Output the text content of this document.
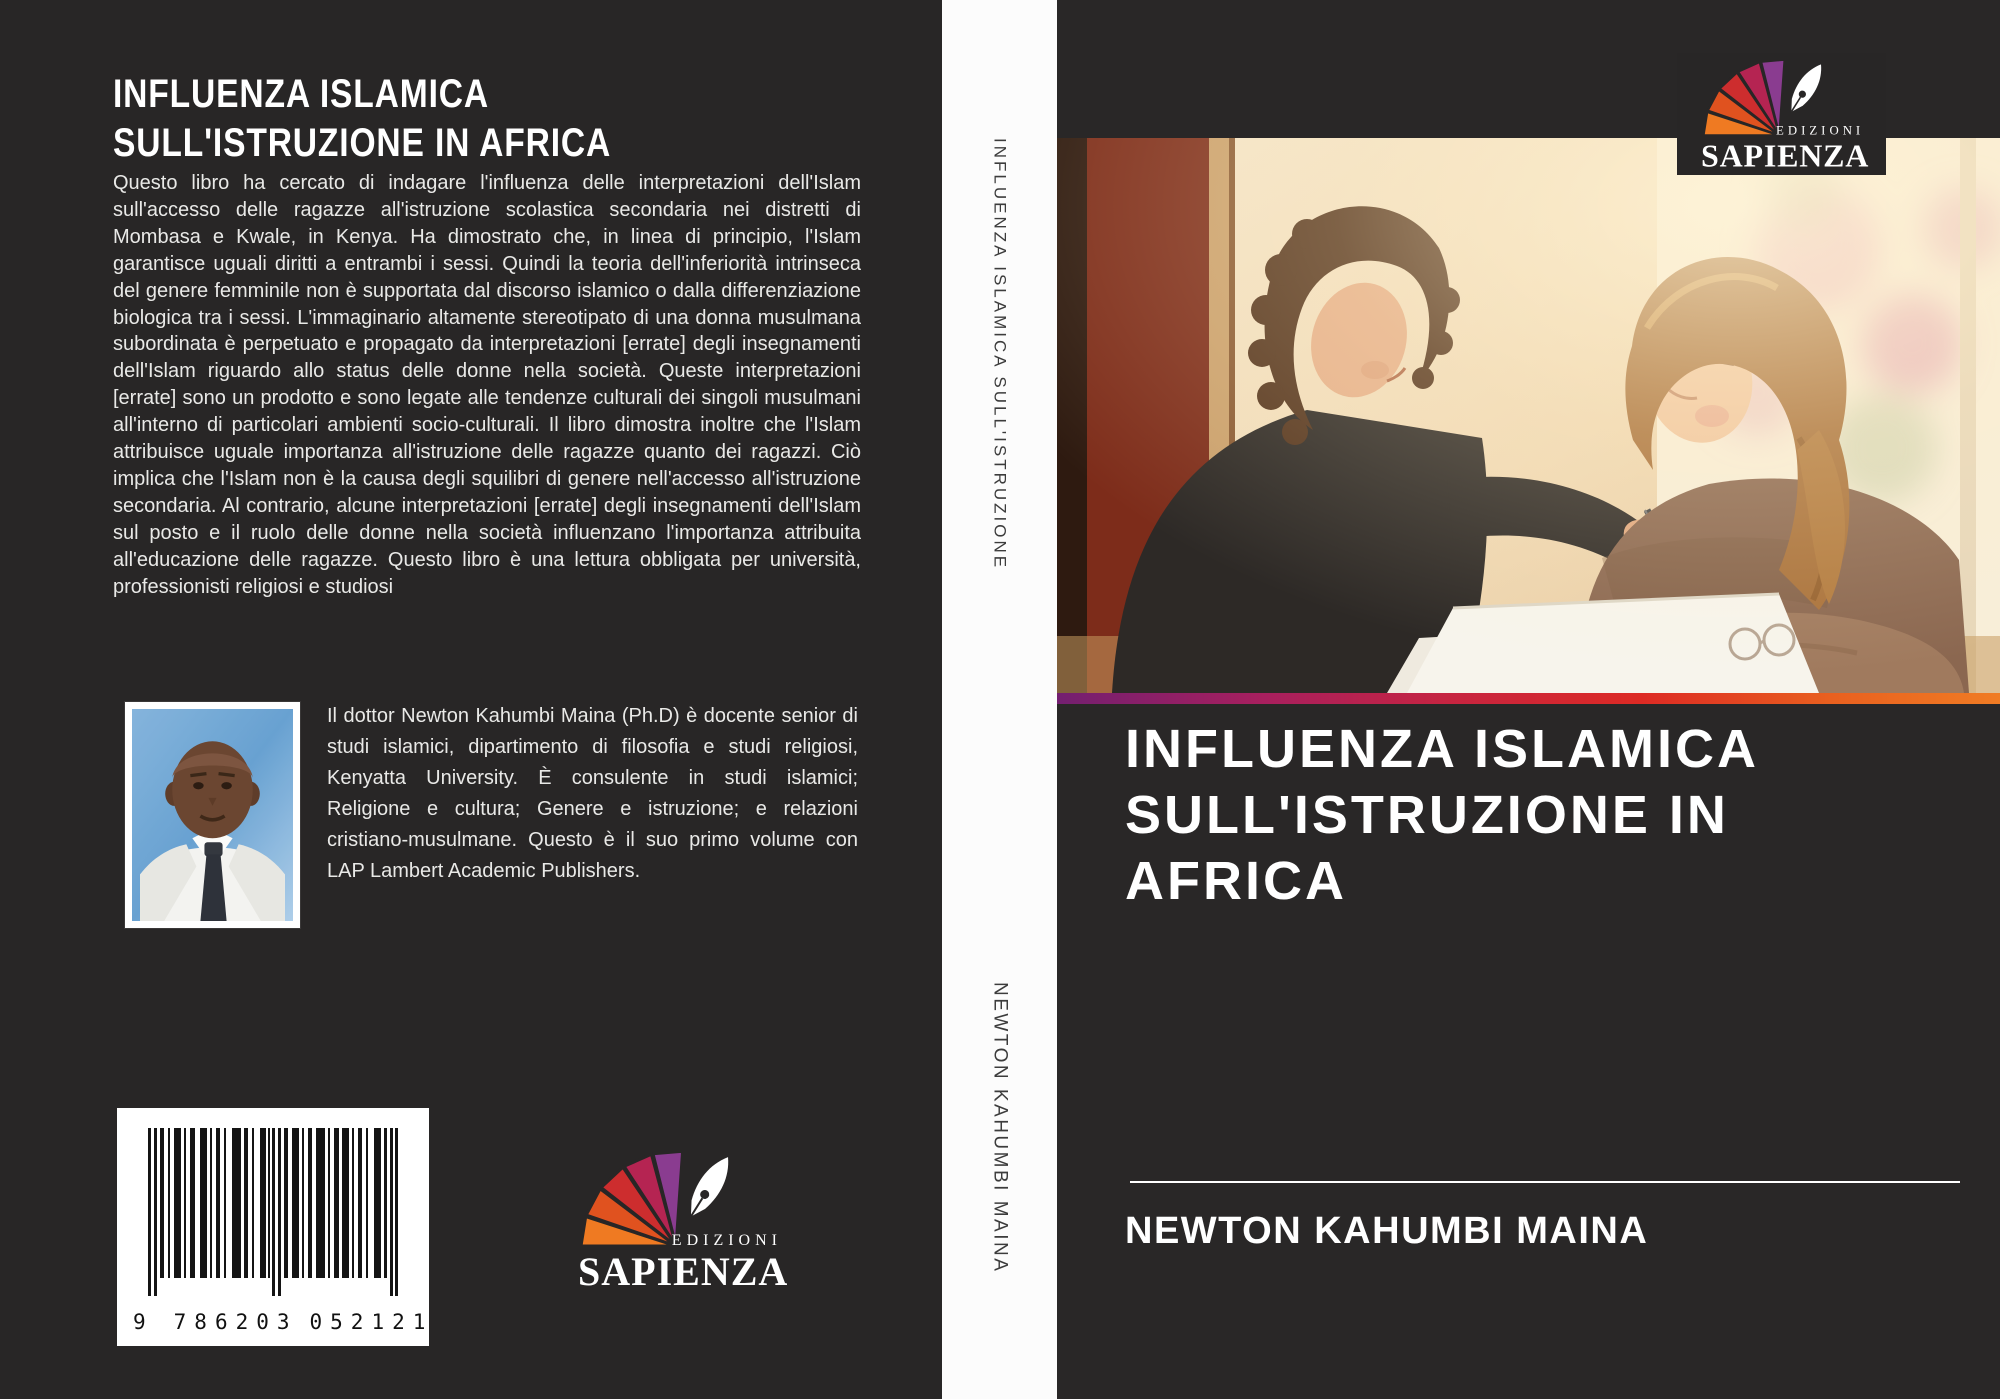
INFLUENZA ISLAMICA SULL'ISTRUZIONE IN AFRICA
Questo libro ha cercato di indagare l'influenza delle interpretazioni dell'Islam sull'accesso delle ragazze all'istruzione scolastica secondaria nei distretti di Mombasa e Kwale, in Kenya. Ha dimostrato che, in linea di principio, l'Islam garantisce uguali diritti a entrambi i sessi. Quindi la teoria dell'inferiorità intrinseca del genere femminile non è supportata dal discorso islamico o dalla differenziazione biologica tra i sessi. L'immaginario altamente stereotipato di una donna musulmana subordinata è perpetuato e propagato da interpretazioni [errate] degli insegnamenti dell'Islam riguardo allo status delle donne nella società. Queste interpretazioni [errate] sono un prodotto e sono legate alle tendenze culturali dei singoli musulmani all'interno di particolari ambienti socio-culturali. Il libro dimostra inoltre che l'Islam attribuisce uguale importanza all'istruzione delle ragazze quanto dei ragazzi. Ciò implica che l'Islam non è la causa degli squilibri di genere nell'accesso all'istruzione secondaria. Al contrario, alcune interpretazioni [errate] degli insegnamenti dell'Islam sul posto e il ruolo delle donne nella società influenzano l'importanza attribuita all'educazione delle ragazze. Questo libro è una lettura obbligata per università, professionisti religiosi e studiosi
Il dottor Newton Kahumbi Maina (Ph.D) è docente senior di studi islamici, dipartimento di filosofia e studi religiosi, Kenyatta University. È consulente in studi islamici; Religione e cultura; Genere e istruzione; e relazioni cristiano-musulmane. Questo è il suo primo volume con LAP Lambert Academic Publishers.
9 786203 052121
EDIZIONI
SAPIENZA
INFLUENZA ISLAMICA SULL'ISTRUZIONE
NEWTON KAHUMBI MAINA
EDIZIONI
SAPIENZA
INFLUENZA ISLAMICA SULL'ISTRUZIONE IN AFRICA
NEWTON KAHUMBI MAINA
